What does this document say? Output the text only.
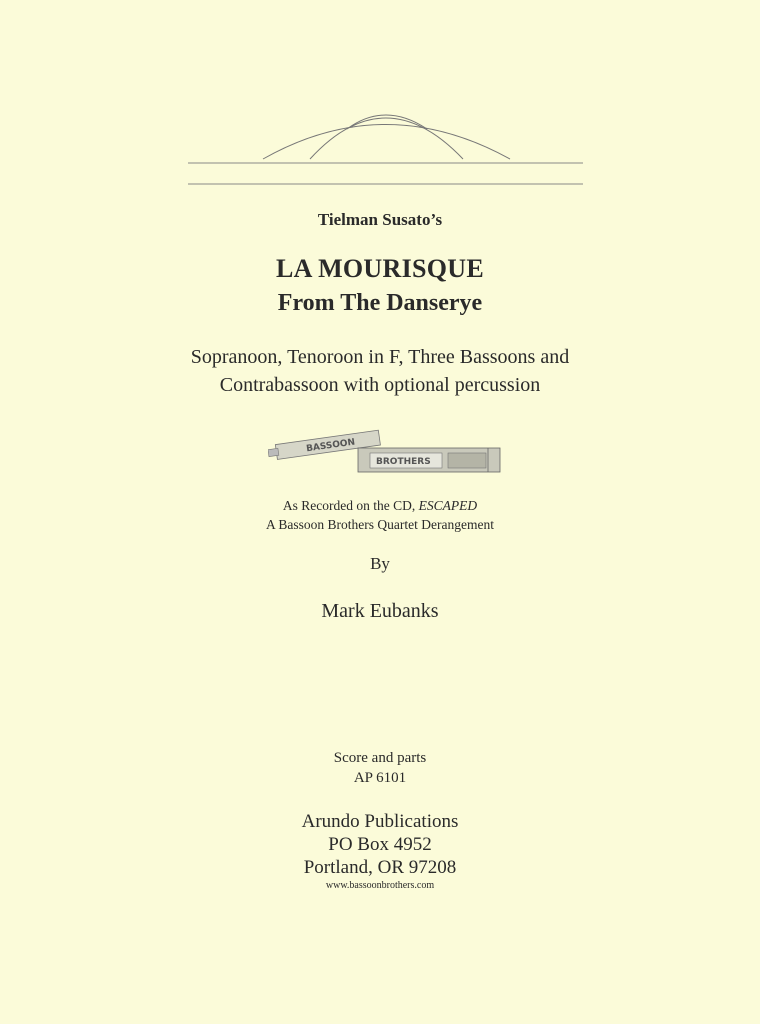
Tielman Susato’s
LA MOURISQUE
From The Danserye
Sopranoon, Tenoroon in F, Three Bassoons and
Contrabassoon with optional percussion
BASSOON
BROTHERS
As Recorded on the CD, ESCAPED
A Bassoon Brothers Quartet Derangement
By
Mark Eubanks
Score and parts
AP 6101
Arundo Publications
PO Box 4952
Portland, OR 97208
www.bassoonbrothers.com
